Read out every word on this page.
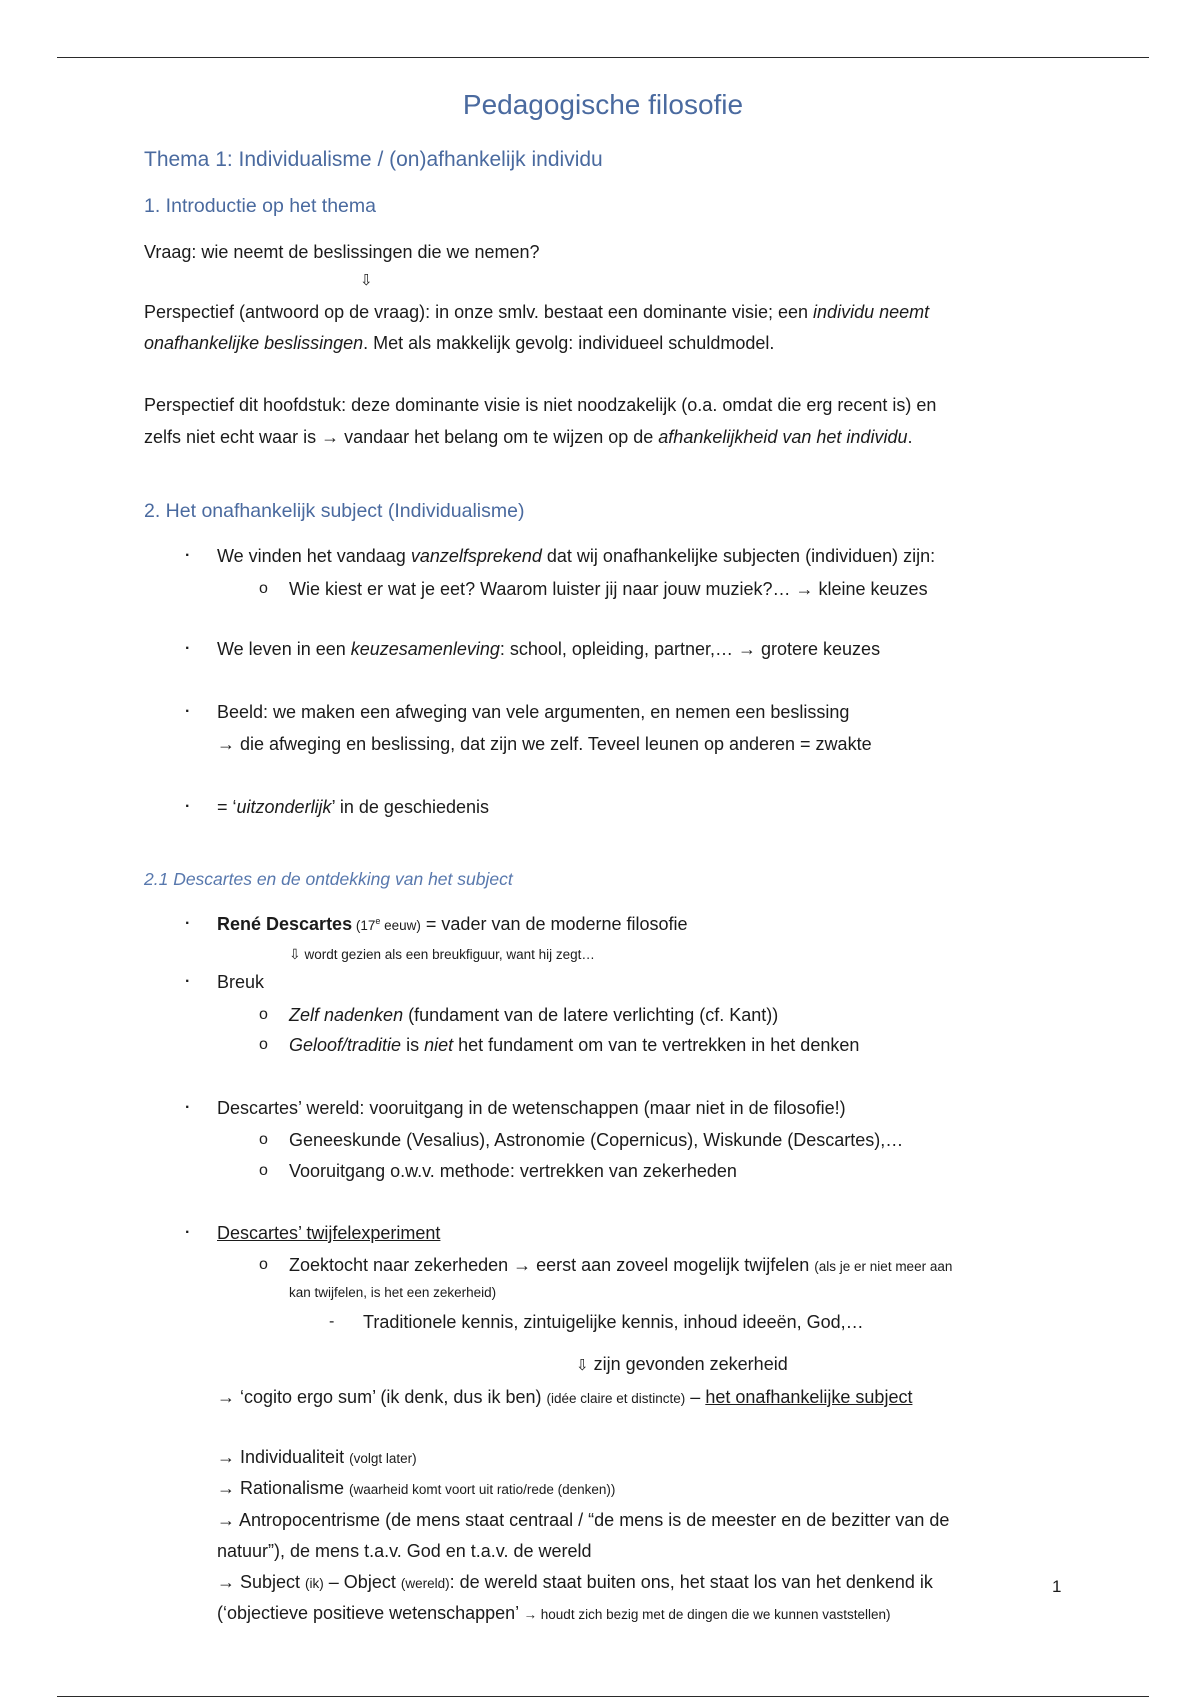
Pedagogische filosofie
Thema 1: Individualisme / (on)afhankelijk individu
1. Introductie op het thema
Vraag: wie neemt de beslissingen die we nemen?
⇩
Perspectief (antwoord op de vraag): in onze smlv. bestaat een dominante visie; een individu neemt
onafhankelijke beslissingen. Met als makkelijk gevolg: individueel schuldmodel.
Perspectief dit hoofdstuk: deze dominante visie is niet noodzakelijk (o.a. omdat die erg recent is) en
zelfs niet echt waar is → vandaar het belang om te wijzen op de afhankelijkheid van het individu.
2. Het onafhankelijk subject (Individualisme)
· We vinden het vandaag vanzelfsprekend dat wij onafhankelijke subjecten (individuen) zijn:
o Wie kiest er wat je eet? Waarom luister jij naar jouw muziek?… → kleine keuzes
· We leven in een keuzesamenleving: school, opleiding, partner,… → grotere keuzes
· Beeld: we maken een afweging van vele argumenten, en nemen een beslissing
→ die afweging en beslissing, dat zijn we zelf. Teveel leunen op anderen = zwakte
· = ‘uitzonderlijk’ in de geschiedenis
2.1 Descartes en de ontdekking van het subject
· René Descartes (17e eeuw) = vader van de moderne filosofie
⇩ wordt gezien als een breukfiguur, want hij zegt…
· Breuk
o Zelf nadenken (fundament van de latere verlichting (cf. Kant))
o Geloof/traditie is niet het fundament om van te vertrekken in het denken
· Descartes’ wereld: vooruitgang in de wetenschappen (maar niet in de filosofie!)
o Geneeskunde (Vesalius), Astronomie (Copernicus), Wiskunde (Descartes),…
o Vooruitgang o.w.v. methode: vertrekken van zekerheden
· Descartes’ twijfelexperiment
o Zoektocht naar zekerheden → eerst aan zoveel mogelijk twijfelen (als je er niet meer aan
kan twijfelen, is het een zekerheid)
- Traditionele kennis, zintuigelijke kennis, inhoud ideeën, God,…
⇩ zijn gevonden zekerheid
→ ‘cogito ergo sum’ (ik denk, dus ik ben) (idée claire et distincte) – het onafhankelijke subject
→ Individualiteit (volgt later)
→ Rationalisme (waarheid komt voort uit ratio/rede (denken))
→ Antropocentrisme (de mens staat centraal / “de mens is de meester en de bezitter van de
natuur”), de mens t.a.v. God en t.a.v. de wereld
→ Subject (ik) – Object (wereld): de wereld staat buiten ons, het staat los van het denkend ik
(‘objectieve positieve wetenschappen’ → houdt zich bezig met de dingen die we kunnen vaststellen)
1
